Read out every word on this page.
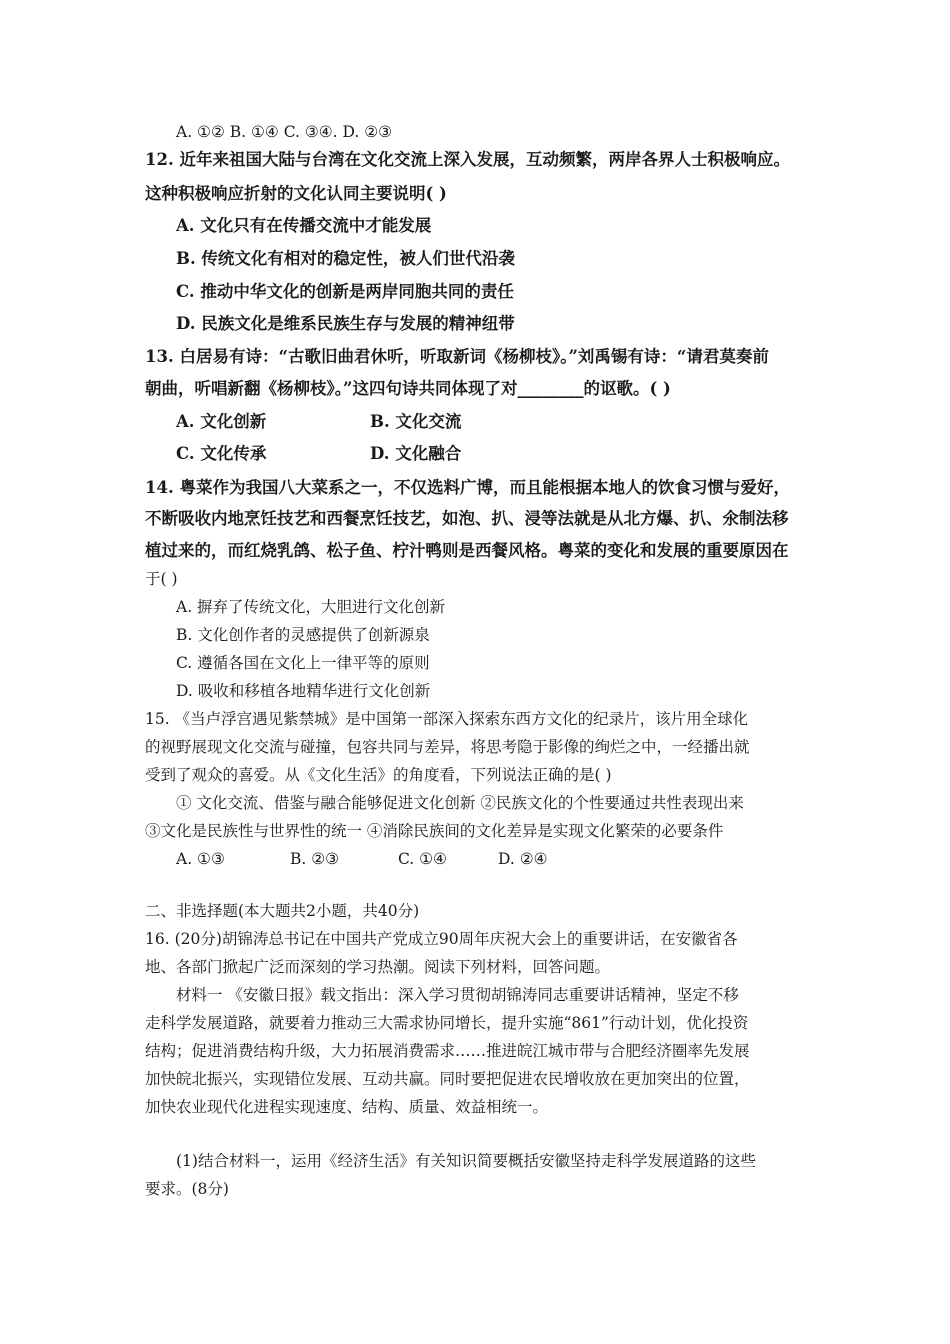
A. ①② B. ①④ C. ③④. D. ②③
12. 近年来祖国大陆与台湾在文化交流上深入发展，互动频繁，两岸各界人士积极响应。
这种积极响应折射的文化认同主要说明( )
A. 文化只有在传播交流中才能发展
B. 传统文化有相对的稳定性，被人们世代沿袭
C. 推动中华文化的创新是两岸同胞共同的责任
D. 民族文化是维系民族生存与发展的精神纽带
13. 白居易有诗：“古歌旧曲君休听，听取新词《杨柳枝》。”刘禹锡有诗：“请君莫奏前
朝曲，听唱新翻《杨柳枝》。”这四句诗共同体现了对________的讴歌。( )
A. 文化创新	B. 文化交流
C. 文化传承	D. 文化融合
14. 粤菜作为我国八大菜系之一，不仅选料广博，而且能根据本地人的饮食习惯与爱好，
不断吸收内地烹饪技艺和西餐烹饪技艺，如泡、扒、浸等法就是从北方爆、扒、氽制法移
植过来的，而红烧乳鸽、松子鱼、柠汁鸭则是西餐风格。粤菜的变化和发展的重要原因在
于( )
A. 摒弃了传统文化，大胆进行文化创新
B. 文化创作者的灵感提供了创新源泉
C. 遵循各国在文化上一律平等的原则
D. 吸收和移植各地精华进行文化创新
15. 《当卢浮宫遇见紫禁城》是中国第一部深入探索东西方文化的纪录片，该片用全球化
的视野展现文化交流与碰撞，包容共同与差异，将思考隐于影像的绚烂之中，一经播出就
受到了观众的喜爱。从《文化生活》的角度看，下列说法正确的是( )
① 文化交流、借鉴与融合能够促进文化创新 ②民族文化的个性要通过共性表现出来
③文化是民族性与世界性的统一 ④消除民族间的文化差异是实现文化繁荣的必要条件
A. ①③	B. ②③	C. ①④	D. ②④
二、非选择题(本大题共2小题，共40分)
16. (20分)胡锦涛总书记在中国共产党成立90周年庆祝大会上的重要讲话，在安徽省各
地、各部门掀起广泛而深刻的学习热潮。阅读下列材料，回答问题。
材料一 《安徽日报》载文指出：深入学习贯彻胡锦涛同志重要讲话精神，坚定不移
走科学发展道路，就要着力推动三大需求协同增长，提升实施“861”行动计划，优化投资
结构；促进消费结构升级，大力拓展消费需求……推进皖江城市带与合肥经济圈率先发展
加快皖北振兴，实现错位发展、互动共赢。同时要把促进农民增收放在更加突出的位置，
加快农业现代化进程实现速度、结构、质量、效益相统一。
(1)结合材料一，运用《经济生活》有关知识简要概括安徽坚持走科学发展道路的这些
要求。(8分)
